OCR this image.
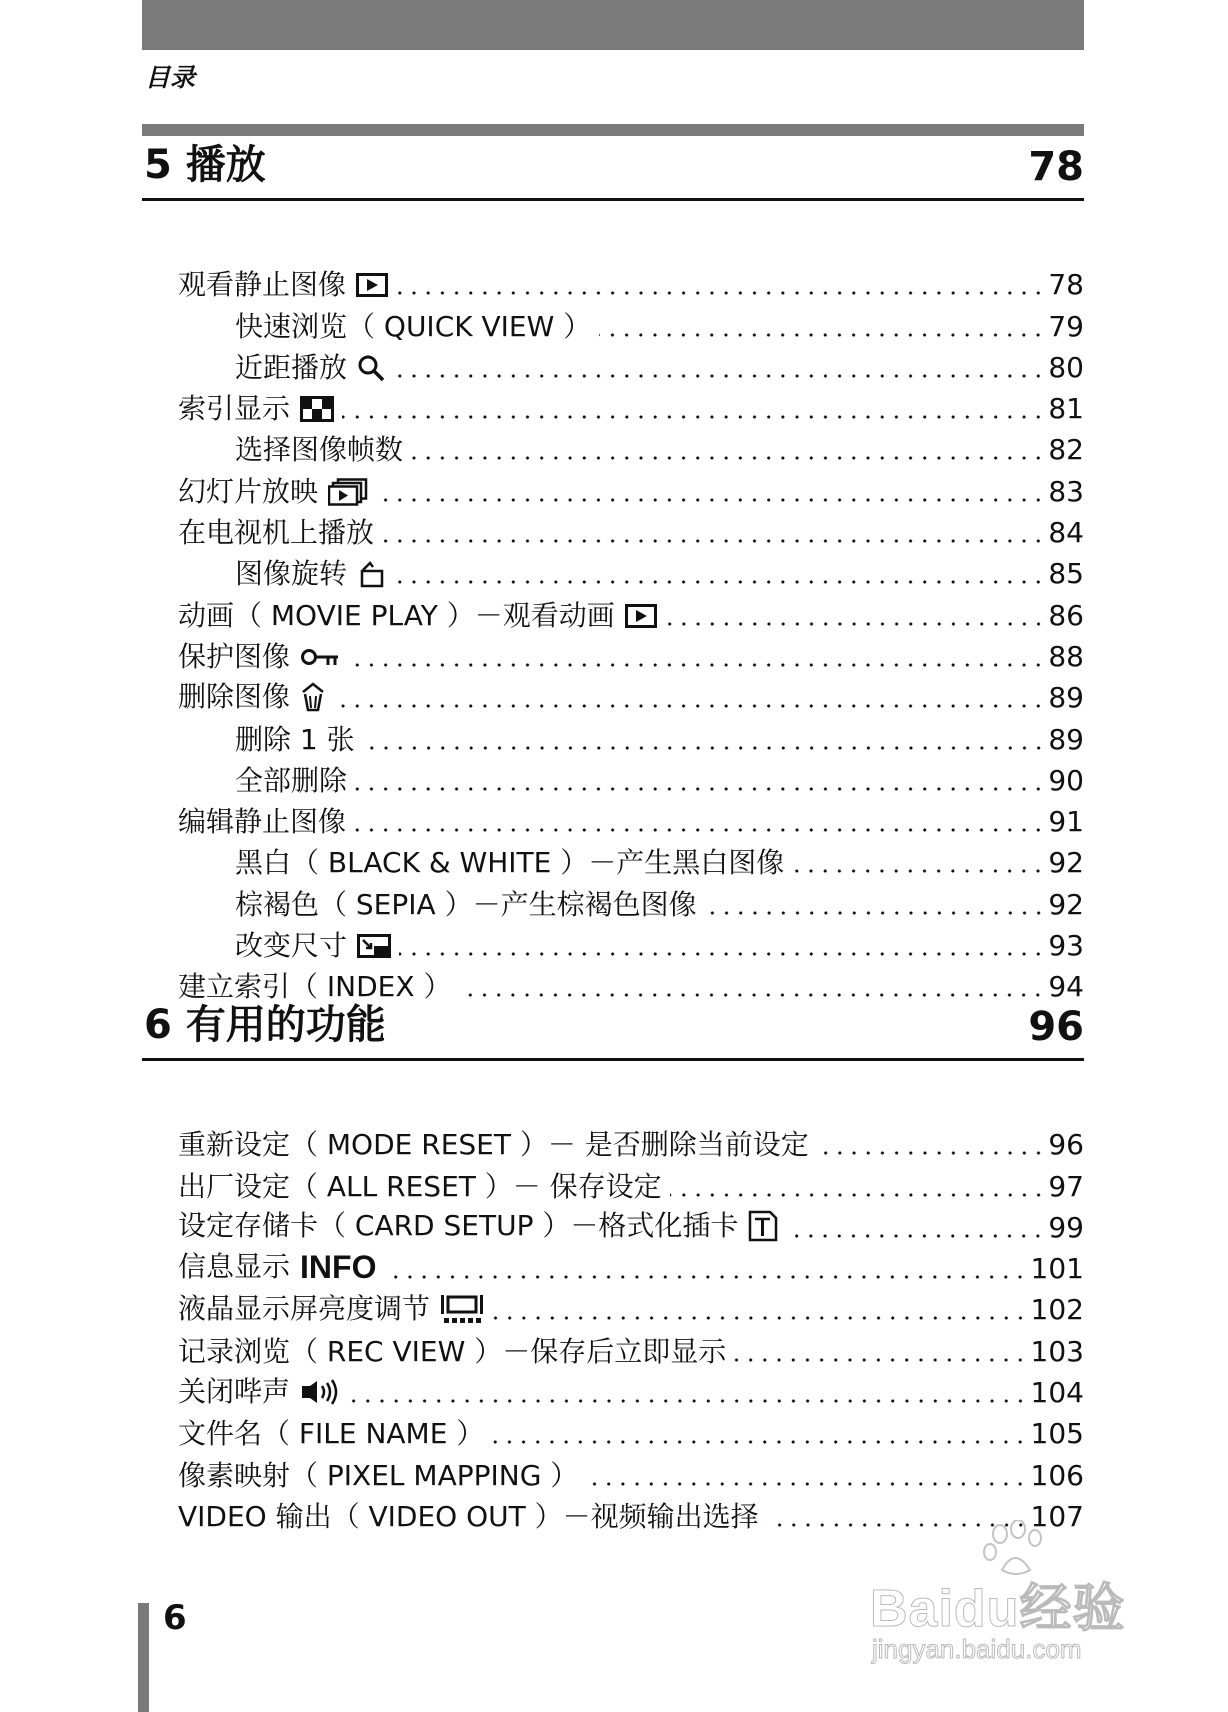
目录
5 播放	78
观看静止图像	78
快速浏览（ QUICK VIEW ）	79
近距播放	80
索引显示	81
选择图像帧数	82
幻灯片放映	83
在电视机上播放	84
图像旋转	85
动画（ MOVIE PLAY ）－观看动画	86
保护图像	88
删除图像	89
删除 1 张	89
全部删除	90
编辑静止图像	91
黑白（ BLACK & WHITE ）－产生黑白图像	92
棕褐色（ SEPIA ）－产生棕褐色图像	92
改变尺寸	93
建立索引（ INDEX ）	94
6 有用的功能	96
重新设定（ MODE RESET ）－ 是否删除当前设定	96
出厂设定（ ALL RESET ）－ 保存设定	97
设定存储卡（ CARD SETUP ）－格式化插卡	99
信息显示 INFO	101
液晶显示屏亮度调节	102
记录浏览（ REC VIEW ）－保存后立即显示	103
关闭哔声	104
文件名（ FILE NAME ）	105
像素映射（ PIXEL MAPPING ）	106
VIDEO 输出（ VIDEO OUT ）－视频输出选择	107
6	Baidu经验
jingyan.baidu.com
